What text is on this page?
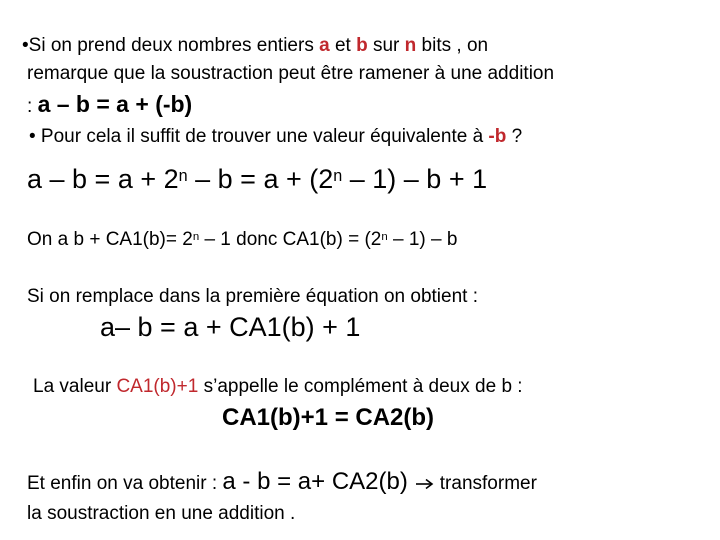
•Si on prend deux nombres entiers a et b sur n bits , on
remarque que la soustraction peut être ramener à une addition
: a – b = a + (-b)
• Pour cela il suffit de trouver une valeur équivalente à -b ?
$a - b = a + 2^n - b = a + (2^n - 1) - b + 1$
On a $b + CA1(b)= 2^n - 1$ donc $CA1(b) = (2^n - 1) - b$
Si on remplace dans la première équation on obtient :
a– b = a + CA1(b) + 1
La valeur CA1(b)+1 s’appelle le complément à deux de b :
CA1(b)+1 = CA2(b)
Et enfin on va obtenir : a - b = a+ CA2(b)  transformer
la soustraction en une addition .
